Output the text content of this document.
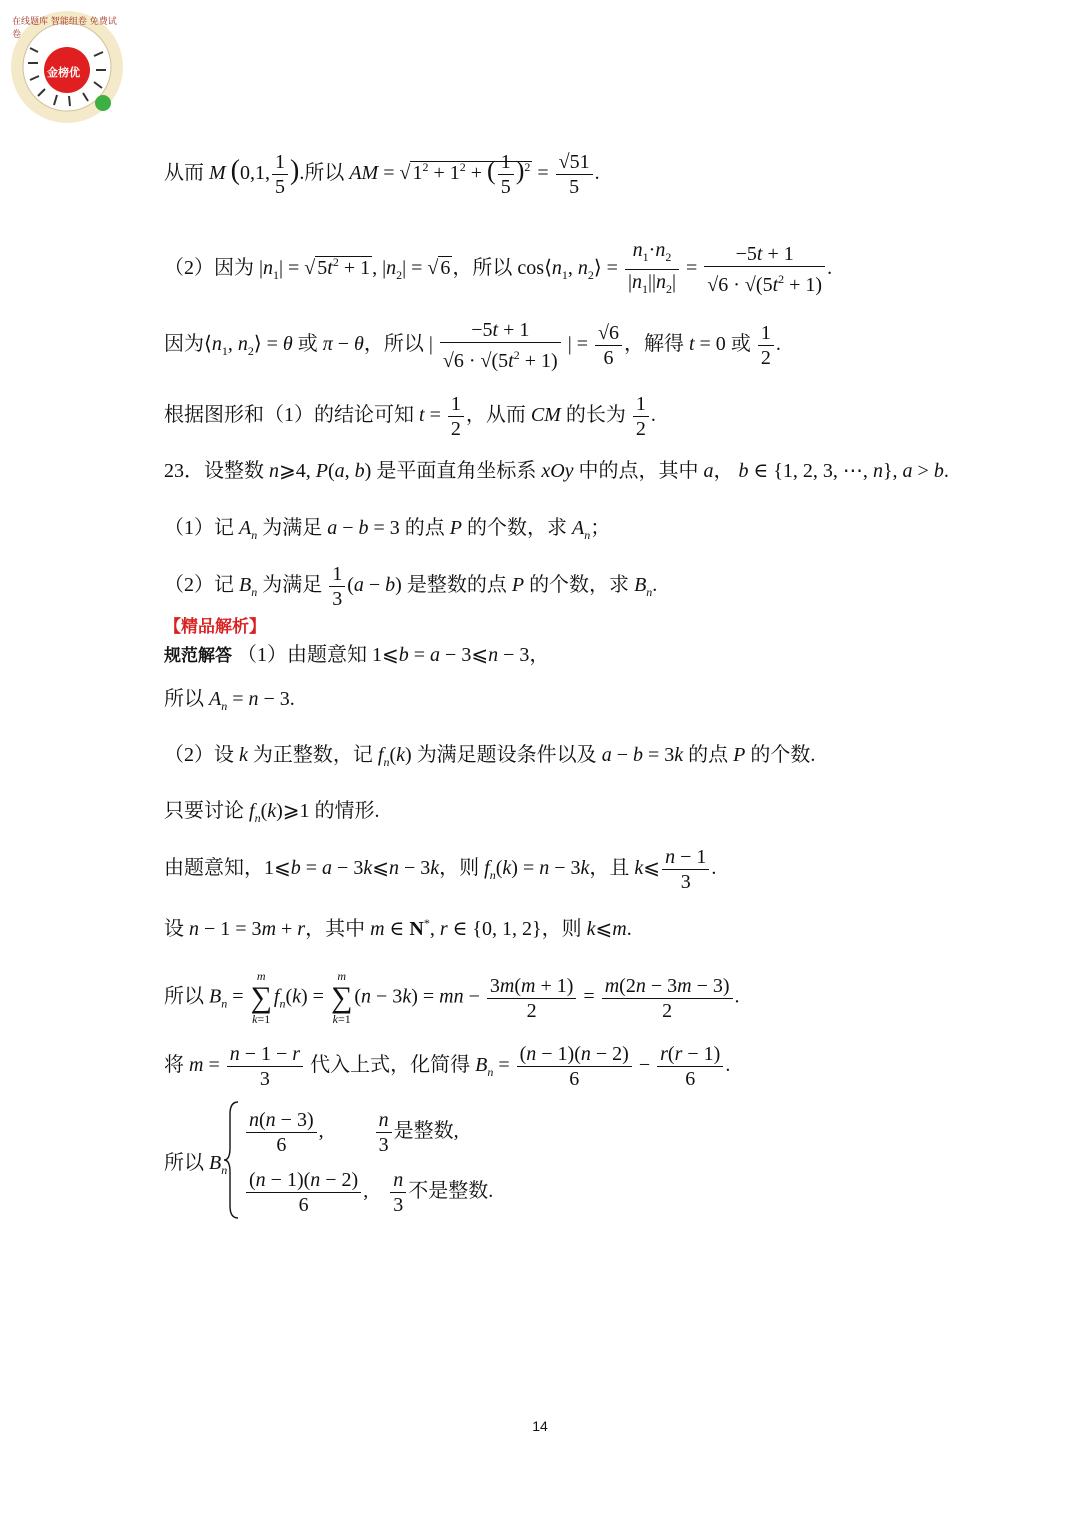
在线题库 智能组卷 免费试卷
金榜优
从而 M (0,1, $\frac{1}{5}$ ).所以 AM = √ $1^2 + 1^2$ + ( $\frac{1}{5} )^2 = \frac{√51}{5}$ .
（2）因为 $|n_1|$ = √ $5t^2 + 1$ , $|n_2|$ = √ 6 ，所以 $\cos⟨n_1$, $n_2⟩ = \frac{n_1\cdot n_2}{|n_1||n_2|} = \frac{-5t + 1}{√6 \cdot √(5t^2 + 1)}$ .
因为$⟨n_1$, $n_2⟩ = \theta$ 或 π − θ，所以 | $\frac{-5t + 1}{√6 \cdot √(5t^2 + 1)}$ | = $\frac{√6}{6}$ ，解得 t = 0 或 $\frac{1}{2}$ .
根据图形和（1）的结论可知 $t = \frac{1}{2}$ ，从而 CM 的长为 $\frac{1}{2}$ .
23．设整数 n⩾4, P(a, b) 是平面直角坐标系 xOy 中的点，其中 a， b ∈ {1, 2, 3, ⋯, n}, a > b.
（1）记 $A_n$ 为满足 a − b = 3 的点 P 的个数，求 $A_n$；
（2）记 $B_n$ 为满足 $\frac{1}{3} (a - b)$ 是整数的点 P 的个数，求 $B_n$.
【精品解析】
规范解答 （1）由题意知 1⩽b = a − 3⩽n − 3，
所以 $A_n = n - 3$.
（2）设 k 为正整数，记 $f_n(k)$ 为满足题设条件以及 a − b = 3k 的点 P 的个数.
只要讨论 $f_n(k)⩾1$ 的情形.
由题意知，1⩽b = a − 3k⩽n − 3k，则 $f_n(k) = n - 3k$，且 k⩽ $\frac{n - 1}{3}$ .
设 n − 1 = 3m + r，其中 m ∈ N*, r ∈ {0, 1, 2}，则 k⩽m.
所以 $B_n = m$
∑
$k=1f_n(k) = m$
∑
k=1(n − 3k) = mn − $\frac{3m(m + 1)}{2} = \frac{m(2n - 3m - 3)}{2}$ .
将 $m = \frac{n - 1 - r}{3}$ 代入上式，化简得 $B_n = \frac{(n - 1)(n - 2)}{6} - \frac{r(r - 1)}{6}$ .
所以 $B_n$
$\frac{n(n - 3)}{6}$ , $\frac{n}{3}$ 是整数,
$\frac{(n - 1)(n - 2)}{6}$ , $\frac{n}{3}$ 不是整数.
14
